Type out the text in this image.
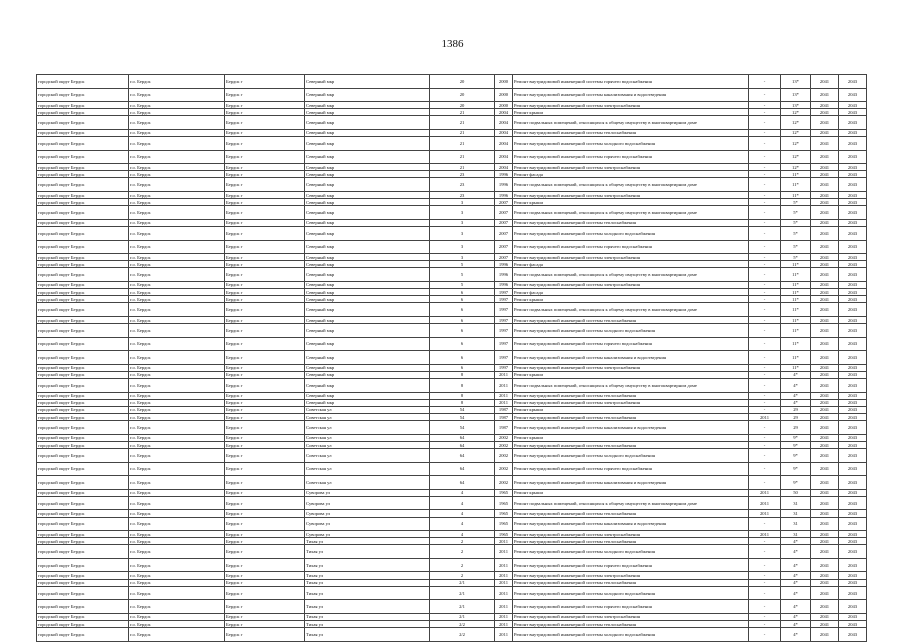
1386
городской округ Бердск	г.о. Бердск	Бердск г	Северный мкр	20	2000	Ремонт внутридомовой инженерной системы горячего водоснабжения	-	13*	2041	2043
городской округ Бердск	г.о. Бердск	Бердск г	Северный мкр	20	2000	Ремонт внутридомовой инженерной системы канализования и водоотведения	-	13*	2041	2043
городской округ Бердск	г.о. Бердск	Бердск г	Северный мкр	20	2000	Ремонт внутридомовой инженерной системы электроснабжения	-	13*	2041	2043
городской округ Бердск	г.о. Бердск	Бердск г	Северный мкр	21	2004	Ремонт крыши	-	12*	2041	2043
городской округ Бердск	г.о. Бердск	Бердск г	Северный мкр	21	2004	Ремонт подвальных помещений, относящихся к общему имуществу в многоквартирном доме	-	12*	2041	2043
городской округ Бердск	г.о. Бердск	Бердск г	Северный мкр	21	2004	Ремонт внутридомовой инженерной системы теплоснабжения	-	12*	2041	2043
городской округ Бердск	г.о. Бердск	Бердск г	Северный мкр	21	2004	Ремонт внутридомовой инженерной системы холодного водоснабжения	-	12*	2041	2043
городской округ Бердск	г.о. Бердск	Бердск г	Северный мкр	21	2004	Ремонт внутридомовой инженерной системы горячего водоснабжения	-	12*	2041	2043
городской округ Бердск	г.о. Бердск	Бердск г	Северный мкр	21	2004	Ремонт внутридомовой инженерной системы электроснабжения	-	12*	2041	2043
городской округ Бердск	г.о. Бердск	Бердск г	Северный мкр	23	1996	Ремонт фасада	-	11*	2041	2043
городской округ Бердск	г.о. Бердск	Бердск г	Северный мкр	23	1996	Ремонт подвальных помещений, относящихся к общему имуществу в многоквартирном доме	-	11*	2041	2043
городской округ Бердск	г.о. Бердск	Бердск г	Северный мкр	23	1996	Ремонт внутридомовой инженерной системы электроснабжения	-	11*	2041	2043
городской округ Бердск	г.о. Бердск	Бердск г	Северный мкр	3	2007	Ремонт крыши	-	5*	2041	2043
городской округ Бердск	г.о. Бердск	Бердск г	Северный мкр	3	2007	Ремонт подвальных помещений, относящихся к общему имуществу в многоквартирном доме	-	5*	2041	2043
городской округ Бердск	г.о. Бердск	Бердск г	Северный мкр	3	2007	Ремонт внутридомовой инженерной системы теплоснабжения	-	5*	2041	2043
городской округ Бердск	г.о. Бердск	Бердск г	Северный мкр	3	2007	Ремонт внутридомовой инженерной системы холодного водоснабжения	-	5*	2041	2043
городской округ Бердск	г.о. Бердск	Бердск г	Северный мкр	3	2007	Ремонт внутридомовой инженерной системы горячего водоснабжения	-	5*	2041	2043
городской округ Бердск	г.о. Бердск	Бердск г	Северный мкр	3	2007	Ремонт внутридомовой инженерной системы электроснабжения	-	5*	2041	2043
городской округ Бердск	г.о. Бердск	Бердск г	Северный мкр	5	1996	Ремонт фасада	-	11*	2041	2043
городской округ Бердск	г.о. Бердск	Бердск г	Северный мкр	5	1996	Ремонт подвальных помещений, относящихся к общему имуществу в многоквартирном доме	-	11*	2041	2043
городской округ Бердск	г.о. Бердск	Бердск г	Северный мкр	5	1996	Ремонт внутридомовой инженерной системы электроснабжения	-	11*	2041	2043
городской округ Бердск	г.о. Бердск	Бердск г	Северный мкр	6	1997	Ремонт фасада	-	11*	2041	2043
городской округ Бердск	г.о. Бердск	Бердск г	Северный мкр	6	1997	Ремонт крыши	-	11*	2041	2043
городской округ Бердск	г.о. Бердск	Бердск г	Северный мкр	6	1997	Ремонт подвальных помещений, относящихся к общему имуществу в многоквартирном доме	-	11*	2041	2043
городской округ Бердск	г.о. Бердск	Бердск г	Северный мкр	6	1997	Ремонт внутридомовой инженерной системы теплоснабжения	-	11*	2041	2043
городской округ Бердск	г.о. Бердск	Бердск г	Северный мкр	6	1997	Ремонт внутридомовой инженерной системы холодного водоснабжения	-	11*	2041	2043
городской округ Бердск	г.о. Бердск	Бердск г	Северный мкр	6	1997	Ремонт внутридомовой инженерной системы горячего водоснабжения	-	11*	2041	2043
городской округ Бердск	г.о. Бердск	Бердск г	Северный мкр	6	1997	Ремонт внутридомовой инженерной системы канализования и водоотведения	-	11*	2041	2043
городской округ Бердск	г.о. Бердск	Бердск г	Северный мкр	6	1997	Ремонт внутридомовой инженерной системы электроснабжения	-	11*	2041	2043
городской округ Бердск	г.о. Бердск	Бердск г	Северный мкр	8	2011	Ремонт крыши	-	4*	2041	2043
городской округ Бердск	г.о. Бердск	Бердск г	Северный мкр	8	2011	Ремонт подвальных помещений, относящихся к общему имуществу в многоквартирном доме	-	4*	2041	2043
городской округ Бердск	г.о. Бердск	Бердск г	Северный мкр	8	2011	Ремонт внутридомовой инженерной системы теплоснабжения	-	4*	2041	2043
городской округ Бердск	г.о. Бердск	Бердск г	Северный мкр	8	2011	Ремонт внутридомовой инженерной системы электроснабжения	-	4*	2041	2043
городской округ Бердск	г.о. Бердск	Бердск г	Советская ул	54	1987	Ремонт крыши	-	29	2041	2043
городской округ Бердск	г.о. Бердск	Бердск г	Советская ул	54	1987	Ремонт внутридомовой инженерной системы теплоснабжения	2011	29	2041	2043
городской округ Бердск	г.о. Бердск	Бердск г	Советская ул	54	1987	Ремонт внутридомовой инженерной системы канализования и водоотведения	-	29	2041	2043
городской округ Бердск	г.о. Бердск	Бердск г	Советская ул	64	2002	Ремонт крыши	-	9*	2041	2043
городской округ Бердск	г.о. Бердск	Бердск г	Советская ул	64	2002	Ремонт внутридомовой инженерной системы теплоснабжения	-	9*	2041	2043
городской округ Бердск	г.о. Бердск	Бердск г	Советская ул	64	2002	Ремонт внутридомовой инженерной системы холодного водоснабжения	-	9*	2041	2043
городской округ Бердск	г.о. Бердск	Бердск г	Советская ул	64	2002	Ремонт внутридомовой инженерной системы горячего водоснабжения	-	9*	2041	2043
городской округ Бердск	г.о. Бердск	Бердск г	Советская ул	64	2002	Ремонт внутридомовой инженерной системы канализования и водоотведения	-	9*	2041	2043
городской округ Бердск	г.о. Бердск	Бердск г	Суворова ул	4	1965	Ремонт крыши	2011	50	2041	2043
городской округ Бердск	г.о. Бердск	Бердск г	Суворова ул	4	1965	Ремонт подвальных помещений, относящихся к общему имуществу в многоквартирном доме	2011	31	2041	2043
городской округ Бердск	г.о. Бердск	Бердск г	Суворова ул	4	1965	Ремонт внутридомовой инженерной системы теплоснабжения	2011	31	2041	2043
городской округ Бердск	г.о. Бердск	Бердск г	Суворова ул	4	1965	Ремонт внутридомовой инженерной системы канализования и водоотведения	-	31	2041	2043
городской округ Бердск	г.о. Бердск	Бердск г	Суворова ул	4	1965	Ремонт внутридомовой инженерной системы электроснабжения	2011	31	2041	2043
городской округ Бердск	г.о. Бердск	Бердск г	Тихая ул	2	2011	Ремонт внутридомовой инженерной системы теплоснабжения	-	4*	2041	2043
городской округ Бердск	г.о. Бердск	Бердск г	Тихая ул	2	2011	Ремонт внутридомовой инженерной системы холодного водоснабжения	-	4*	2041	2043
городской округ Бердск	г.о. Бердск	Бердск г	Тихая ул	2	2011	Ремонт внутридомовой инженерной системы горячего водоснабжения	-	4*	2041	2043
городской округ Бердск	г.о. Бердск	Бердск г	Тихая ул	2	2011	Ремонт внутридомовой инженерной системы электроснабжения	-	4*	2041	2043
городской округ Бердск	г.о. Бердск	Бердск г	Тихая ул	2/1	2011	Ремонт внутридомовой инженерной системы теплоснабжения	-	4*	2041	2043
городской округ Бердск	г.о. Бердск	Бердск г	Тихая ул	2/1	2011	Ремонт внутридомовой инженерной системы холодного водоснабжения	-	4*	2041	2043
городской округ Бердск	г.о. Бердск	Бердск г	Тихая ул	2/1	2011	Ремонт внутридомовой инженерной системы горячего водоснабжения	-	4*	2041	2043
городской округ Бердск	г.о. Бердск	Бердск г	Тихая ул	2/1	2011	Ремонт внутридомовой инженерной системы электроснабжения	-	4*	2041	2043
городской округ Бердск	г.о. Бердск	Бердск г	Тихая ул	2/2	2011	Ремонт внутридомовой инженерной системы теплоснабжения	-	4*	2041	2043
городской округ Бердск	г.о. Бердск	Бердск г	Тихая ул	2/2	2011	Ремонт внутридомовой инженерной системы холодного водоснабжения	-	4*	2041	2043
